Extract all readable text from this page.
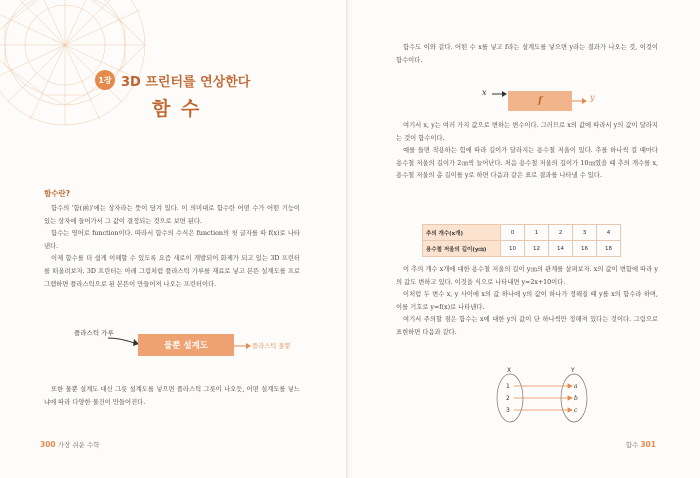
1장 3D 프린터를 연상한다
함 수
함수란?

함수의 '함(函)'에는 상자라는 뜻이 담겨 있다. 이 의미대로 함수란 어떤 수가 어떤 기능이 있는 상자에 들어가서 그 값이 결정되는 것으로 보면 된다.

함수는 영어로 function이다. 따라서 함수의 수식은 function의 첫 글자를 따 f(x)로 나타낸다.

이제 함수를 더 쉽게 이해할 수 있도록 요즘 새로이 개발되어 화제가 되고 있는 3D 프린터를 떠올려보자. 3D 프린터는 아래 그림처럼 플라스틱 가루를 재료로 넣고 본뜬 설계도를 프로그램하면 플라스틱으로 된 본뜬이 만들어져 나오는 프린터이다.

플라스틱 가루
물뿐 설계도	플라스틱 물뿐

또한 물뿐 설계도 대신 그릇 설계도를 넣으면 플라스틱 그릇이 나오듯, 어떤 설계도를 넣느냐에 따라 다양한 물건이 만들어진다.

300 가장 쉬운 수학

함수도 이와 같다. 어떤 수 x를 넣고 f라는 설계도를 넣으면 y라는 결과가 나오는 것, 이것이 함수이다.

x
f	y

여기서 x, y는 여러 가지 값으로 변하는 변수이다. 그러므로 x의 값에 따라서 y의 값이 달라지는 것이 함수이다.

예를 들면 작용하는 힘에 따라 길이가 달라지는 용수철 저울이 있다. 추를 하나씩 걸 때마다 용수철 저울의 길이가 2㎝씩 늘어난다. 처음 용수철 저울의 길이가 10㎝였을 때 추의 개수를 x, 용수철 저울의 총 길이를 y로 하면 다음과 같은 표로 결과를 나타낼 수 있다.

추의 개수(x개)	0	1	2	3	4
용수철 저울의 길이(y㎝)	10	12	14	16	18

이 추의 개수 x개에 대한 용수철 저울의 길이 y㎝의 관계를 살펴보자. x의 값이 변함에 따라 y의 값도 변하고 있다. 이것을 식으로 나타내면 y=2x+10이다.

이처럼 두 변수 x, y 사이에 x의 값 하나에 y의 값이 하나가 정해질 때 y를 x의 함수라 하며, 이를 기호로 y=f(x)로 나타낸다.

여기서 주의할 점은 함수는 x에 대한 y의 값이 단 하나씩만 정해져 있다는 것이다. 그림으로 표현하면 다음과 같다.

X	Y
1
2
3
a
b
c
함수 301
